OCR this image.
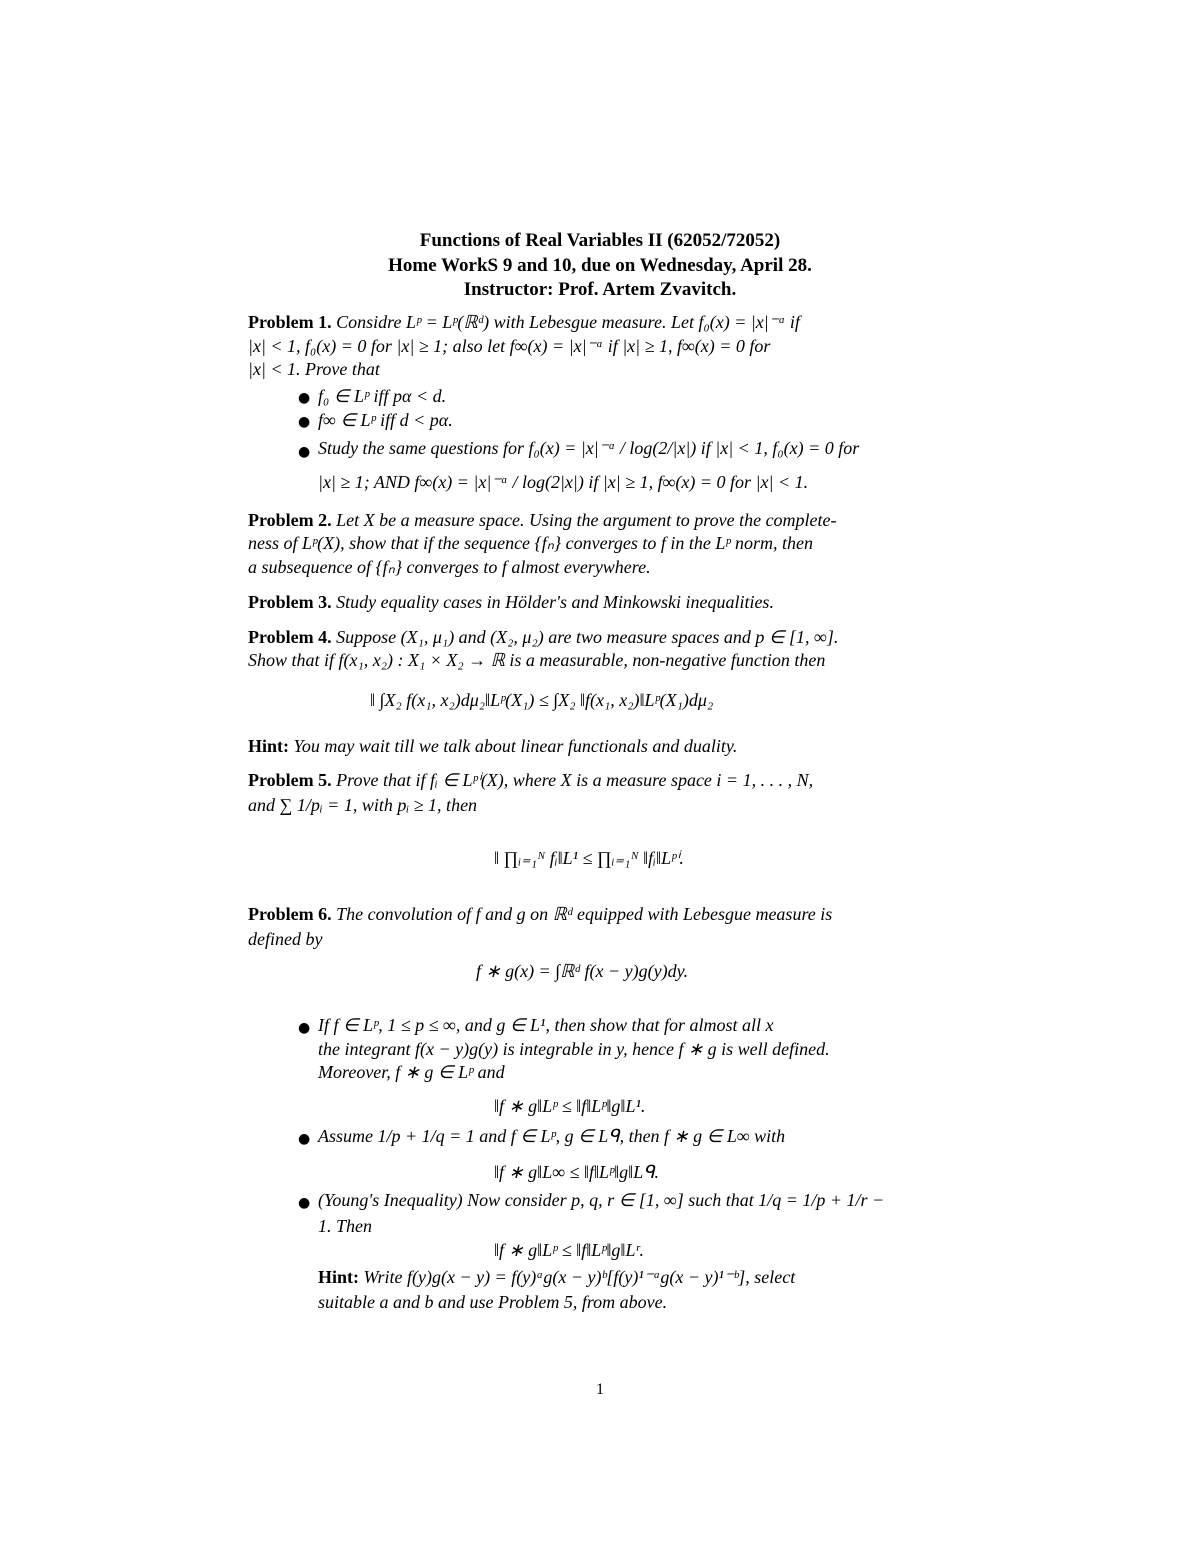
Functions of Real Variables II (62052/72052)
Home WorkS 9 and 10, due on Wednesday, April 28.
Instructor: Prof. Artem Zvavitch.
Problem 1. Considre Lᵖ = Lᵖ(ℝᵈ) with Lebesgue measure. Let f₀(x) = |x|⁻ᵅ if
|x| < 1, f₀(x) = 0 for |x| ≥ 1; also let f∞(x) = |x|⁻ᵅ if |x| ≥ 1, f∞(x) = 0 for
|x| < 1. Prove that
● f₀ ∈ Lᵖ iff pα < d.
● f∞ ∈ Lᵖ iff d < pα.
● Study the same questions for f₀(x) = |x|⁻ᵅ / log(2/|x|) if |x| < 1, f₀(x) = 0 for
|x| ≥ 1; AND f∞(x) = |x|⁻ᵅ / log(2|x|) if |x| ≥ 1, f∞(x) = 0 for |x| < 1.
Problem 2. Let X be a measure space. Using the argument to prove the complete-
ness of Lᵖ(X), show that if the sequence {fₙ} converges to f in the Lᵖ norm, then
a subsequence of {fₙ} converges to f almost everywhere.
Problem 3. Study equality cases in Hölder's and Minkowski inequalities.
Problem 4. Suppose (X₁, μ₁) and (X₂, μ₂) are two measure spaces and p ∈ [1, ∞].
Show that if f(x₁, x₂) : X₁ × X₂ → ℝ is a measurable, non-negative function then
‖ ∫X₂ f(x₁, x₂)dμ₂‖Lᵖ(X₁) ≤ ∫X₂ ‖f(x₁, x₂)‖Lᵖ(X₁)dμ₂
Hint: You may wait till we talk about linear functionals and duality.
Problem 5. Prove that if fᵢ ∈ Lᵖⁱ(X), where X is a measure space i = 1, . . . , N,
and ∑ 1/pᵢ = 1, with pᵢ ≥ 1, then
‖ ∏ᵢ₌₁ᴺ fᵢ‖L¹ ≤ ∏ᵢ₌₁ᴺ ‖fᵢ‖Lᵖⁱ.
Problem 6. The convolution of f and g on ℝᵈ equipped with Lebesgue measure is
defined by
f ∗ g(x) = ∫ℝᵈ f(x − y)g(y)dy.
● If f ∈ Lᵖ, 1 ≤ p ≤ ∞, and g ∈ L¹, then show that for almost all x
the integrant f(x − y)g(y) is integrable in y, hence f ∗ g is well defined.
Moreover, f ∗ g ∈ Lᵖ and
‖f ∗ g‖Lᵖ ≤ ‖f‖Lᵖ‖g‖L¹.
● Assume 1/p + 1/q = 1 and f ∈ Lᵖ, g ∈ Lᑫ, then f ∗ g ∈ L∞ with
‖f ∗ g‖L∞ ≤ ‖f‖Lᵖ‖g‖Lᑫ.
● (Young's Inequality) Now consider p, q, r ∈ [1, ∞] such that 1/q = 1/p + 1/r −
1. Then
‖f ∗ g‖Lᵖ ≤ ‖f‖Lᵖ‖g‖Lʳ.
Hint: Write f(y)g(x − y) = f(y)ᵃg(x − y)ᵇ[f(y)¹⁻ᵃg(x − y)¹⁻ᵇ], select
suitable a and b and use Problem 5, from above.
1
